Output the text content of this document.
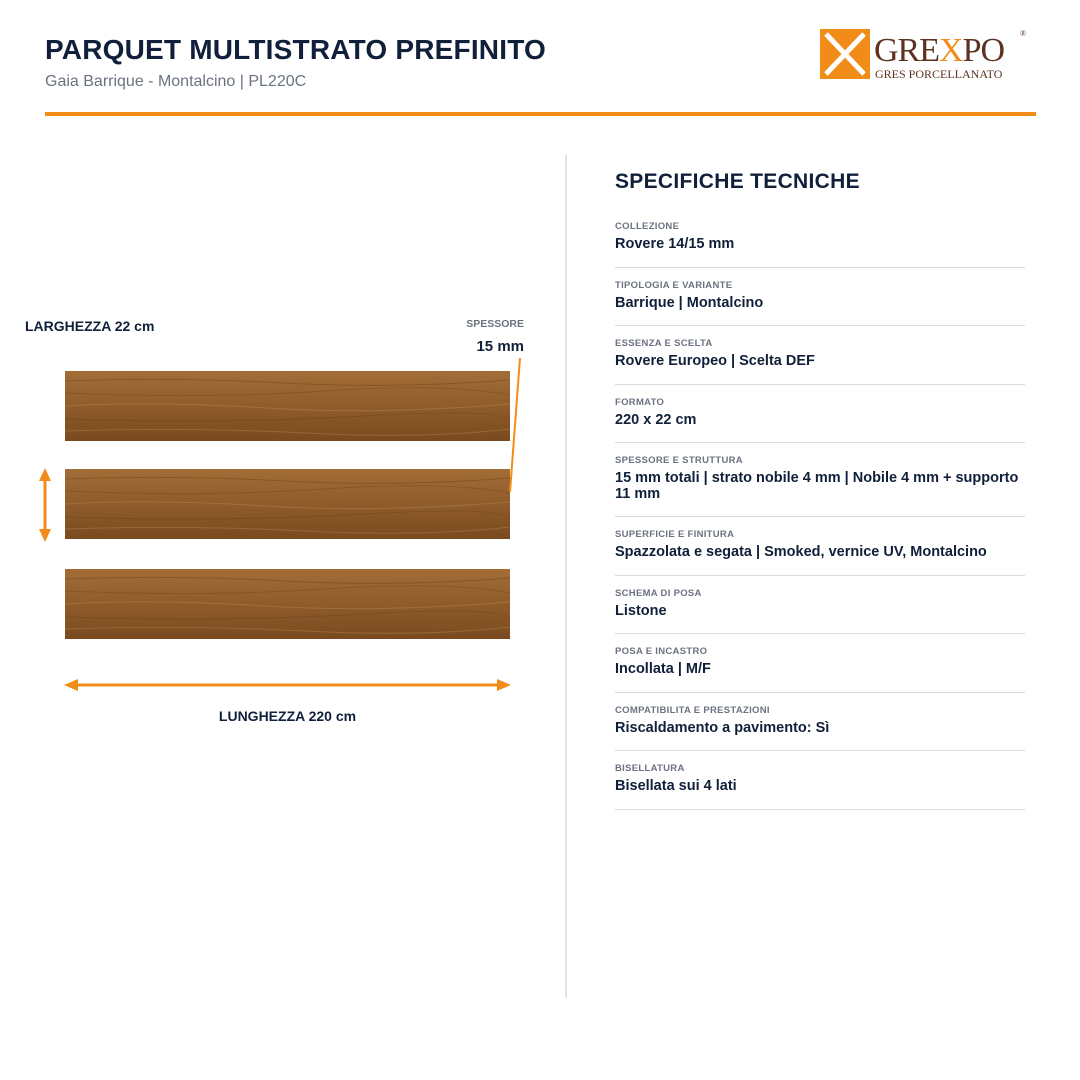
PARQUET MULTISTRATO PREFINITO
Gaia Barrique - Montalcino | PL220C
GREXPO ®
GRES PORCELLANATO
LARGHEZZA 22 cm	SPESSORE
15 mm
LUNGHEZZA 220 cm
SPECIFICHE TECNICHE
COLLEZIONE
Rovere 14/15 mm
TIPOLOGIA E VARIANTE
Barrique | Montalcino
ESSENZA E SCELTA
Rovere Europeo | Scelta DEF
FORMATO
220 x 22 cm
SPESSORE E STRUTTURA
15 mm totali | strato nobile 4 mm | Nobile 4 mm + supporto 11 mm
SUPERFICIE E FINITURA
Spazzolata e segata | Smoked, vernice UV, Montalcino
SCHEMA DI POSA
Listone
POSA E INCASTRO
Incollata | M/F
COMPATIBILITA E PRESTAZIONI
Riscaldamento a pavimento: Sì
BISELLATURA
Bisellata sui 4 lati
